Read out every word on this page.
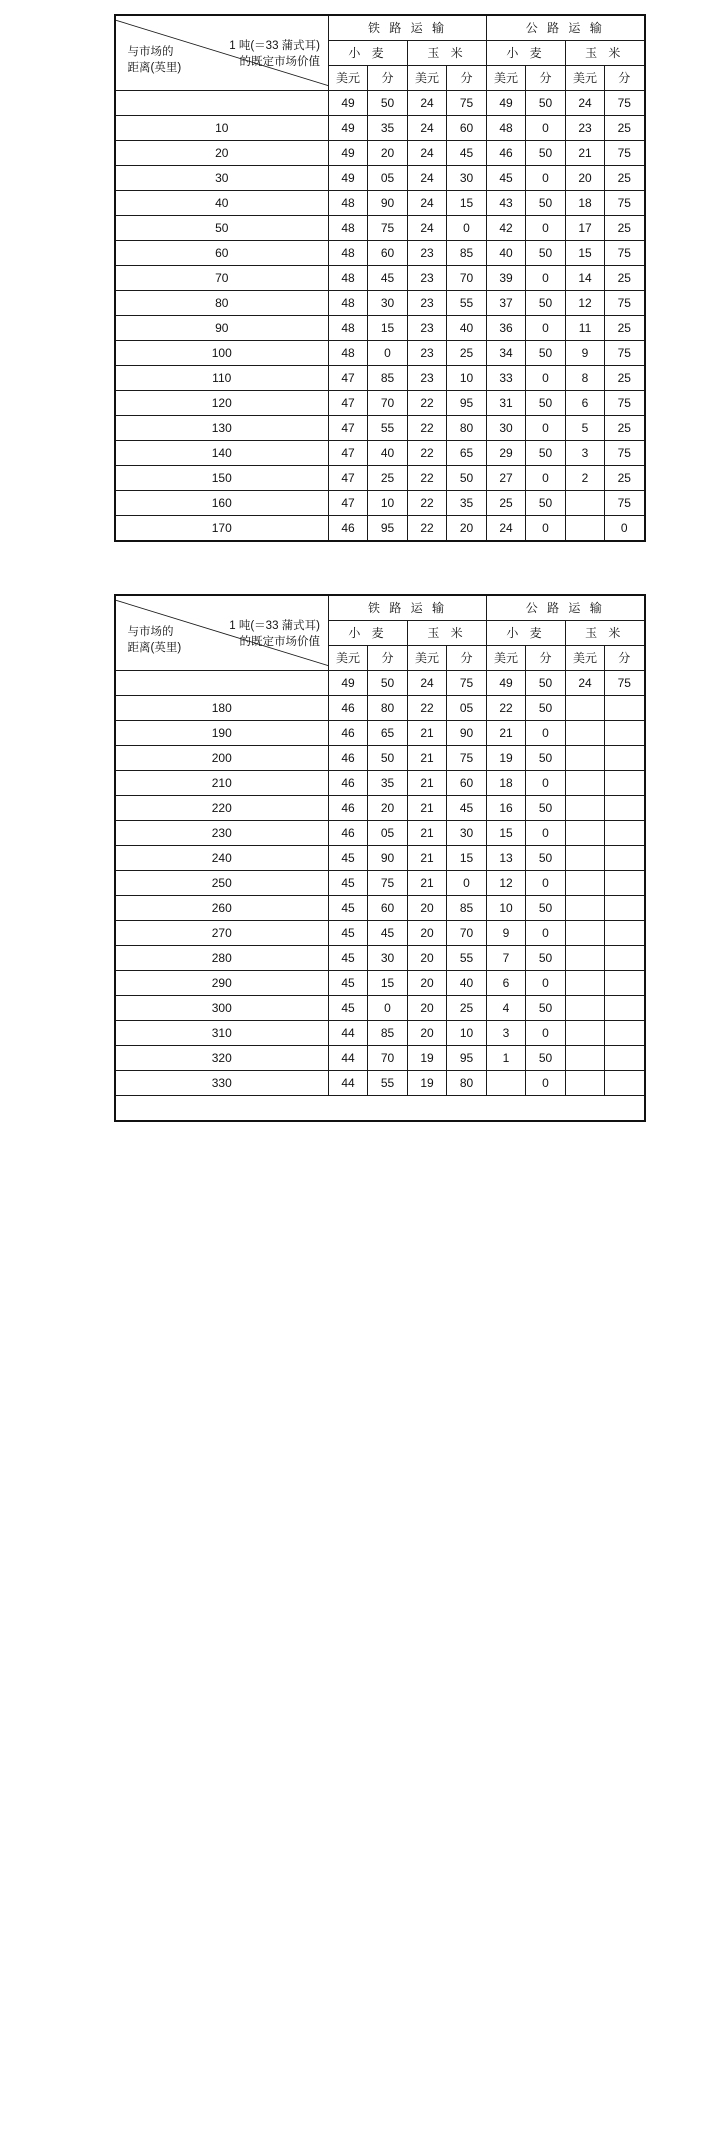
1 吨(＝33 蒲式耳)
的既定市场价值
与市场的
距离(英里)	铁 路 运 输				公 路 运 输			
	小 麦		玉 米		小 麦		玉 米	
	美元	分	美元	分	美元	分	美元	分
	49	50	24	75	49	50	24	75
10	49	35	24	60	48	0	23	25
20	49	20	24	45	46	50	21	75
30	49	05	24	30	45	0	20	25
40	48	90	24	15	43	50	18	75
50	48	75	24	0	42	0	17	25
60	48	60	23	85	40	50	15	75
70	48	45	23	70	39	0	14	25
80	48	30	23	55	37	50	12	75
90	48	15	23	40	36	0	11	25
100	48	0	23	25	34	50	9	75
110	47	85	23	10	33	0	8	25
120	47	70	22	95	31	50	6	75
130	47	55	22	80	30	0	5	25
140	47	40	22	65	29	50	3	75
150	47	25	22	50	27	0	2	25
160	47	10	22	35	25	50		75
170	46	95	22	20	24	0		0
1 吨(＝33 蒲式耳)
的既定市场价值
与市场的
距离(英里)	铁 路 运 输				公 路 运 输			
	小 麦		玉 米		小 麦		玉 米	
	美元	分	美元	分	美元	分	美元	分
	49	50	24	75	49	50	24	75
180	46	80	22	05	22	50		
190	46	65	21	90	21	0		
200	46	50	21	75	19	50		
210	46	35	21	60	18	0		
220	46	20	21	45	16	50		
230	46	05	21	30	15	0		
240	45	90	21	15	13	50		
250	45	75	21	0	12	0		
260	45	60	20	85	10	50		
270	45	45	20	70	9	0		
280	45	30	20	55	7	50		
290	45	15	20	40	6	0		
300	45	0	20	25	4	50		
310	44	85	20	10	3	0		
320	44	70	19	95	1	50		
330	44	55	19	80		0		
